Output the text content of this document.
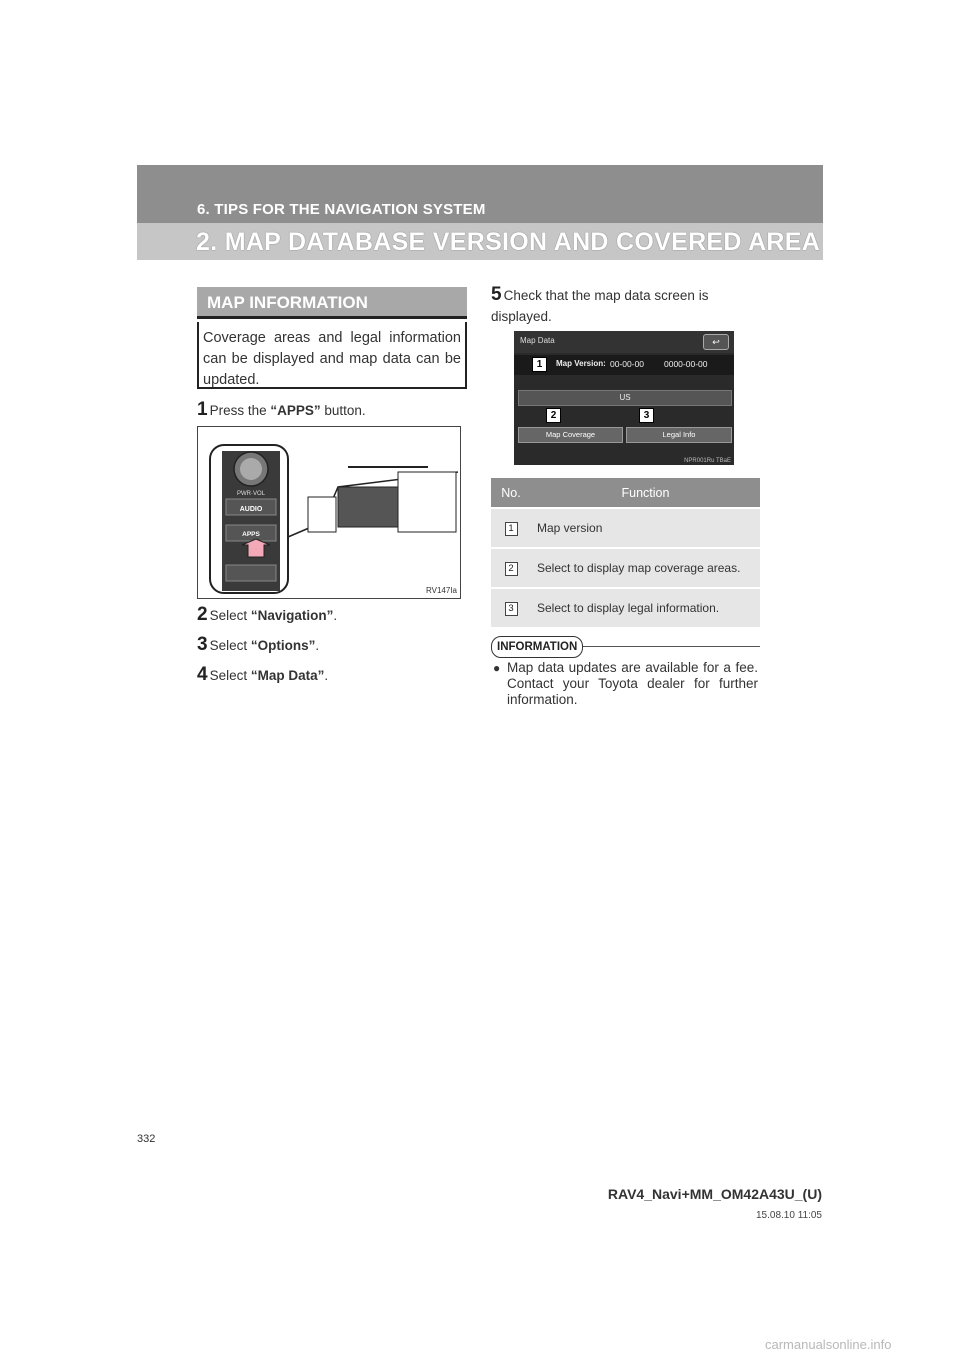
6. TIPS FOR THE NAVIGATION SYSTEM
2. MAP DATABASE VERSION AND COVERED AREA
MAP INFORMATION
Coverage areas and legal information can be displayed and map data can be updated.
1 Press the “APPS” button.
PWR·VOL
AUDIO
APPS
RV147Ia
2 Select “Navigation”.
3 Select “Options”.
4 Select “Map Data”.
5 Check that the map data screen is displayed.
Map Data	↩
1	Map Version: 00-00-00 0000-00-00
US
2	3
Map Coverage	Legal Info
NPR001Ru TBaE
No.	Function
1	Map version
2	Select to display map coverage areas.
3	Select to display legal information.
INFORMATION
● Map data updates are available for a fee. Contact your Toyota dealer for further information.
332
RAV4_Navi+MM_OM42A43U_(U)
15.08.10 11:05
carmanualsonline.info
